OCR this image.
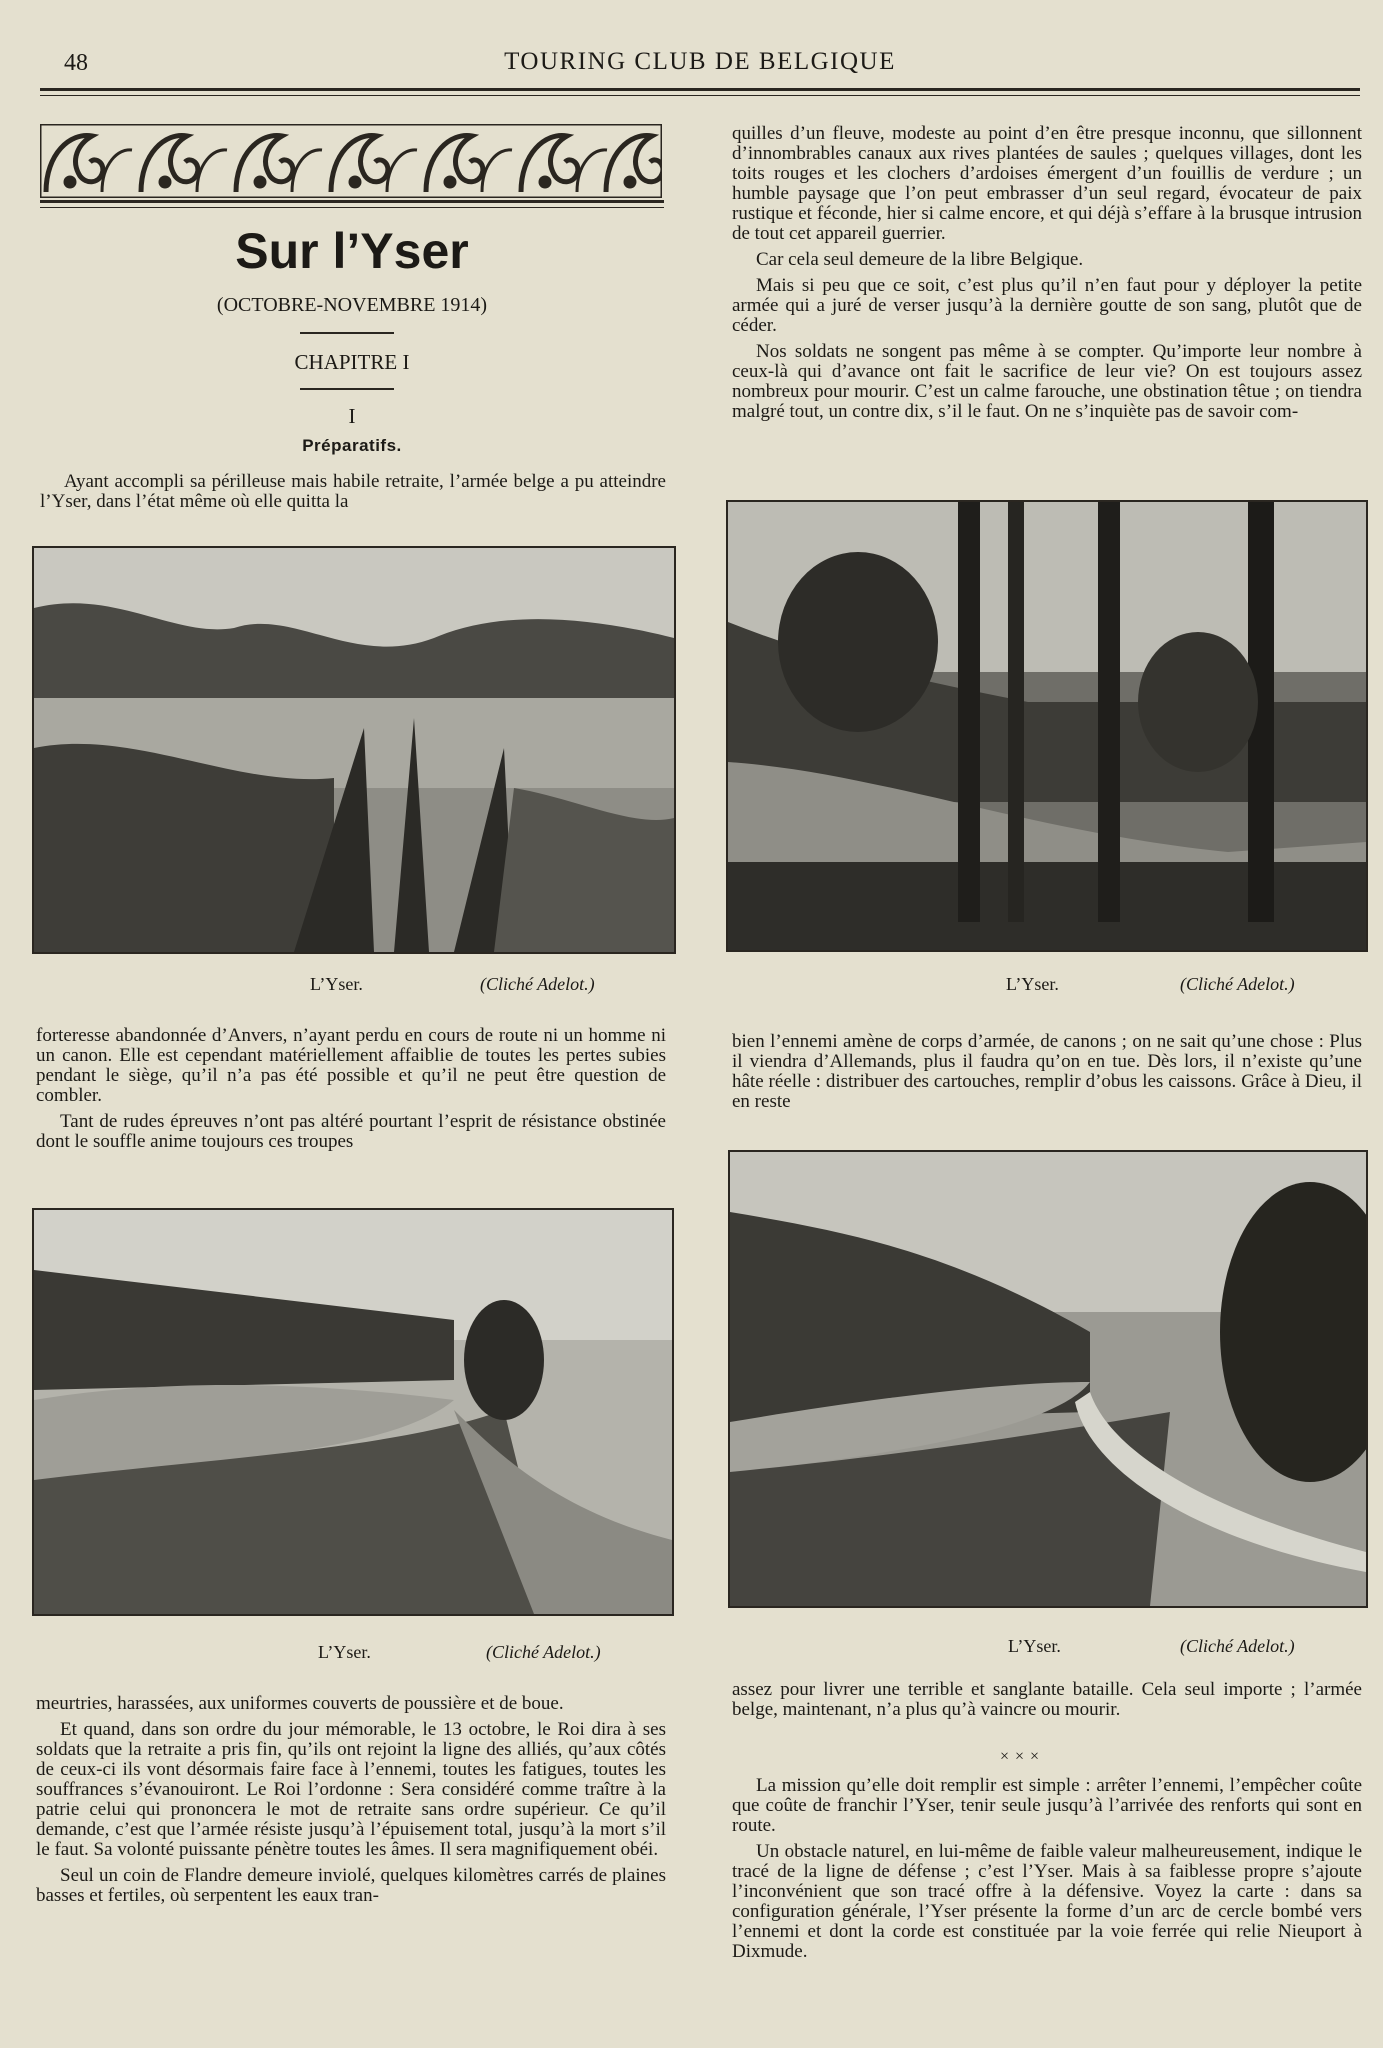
48	TOURING CLUB DE BELGIQUE
Sur l’Yser
(OCTOBRE-NOVEMBRE 1914)
CHAPITRE I
I
Préparatifs.

Ayant accompli sa périlleuse mais habile retraite, l’armée belge a pu atteindre l’Yser, dans l’état même où elle quitta la

L’Yser.	(Cliché Adelot.)

forteresse abandonnée d’Anvers, n’ayant perdu en cours de route ni un homme ni un canon. Elle est cependant matériellement affaiblie de toutes les pertes subies pendant le siège, qu’il n’a pas été possible et qu’il ne peut être question de combler.

Tant de rudes épreuves n’ont pas altéré pourtant l’esprit de résistance obstinée dont le souffle anime toujours ces troupes

L’Yser.	(Cliché Adelot.)

meurtries, harassées, aux uniformes couverts de poussière et de boue.

Et quand, dans son ordre du jour mémorable, le 13 octobre, le Roi dira à ses soldats que la retraite a pris fin, qu’ils ont rejoint la ligne des alliés, qu’aux côtés de ceux-ci ils vont désormais faire face à l’ennemi, toutes les fatigues, toutes les souffrances s’évanouiront. Le Roi l’ordonne : Sera considéré comme traître à la patrie celui qui prononcera le mot de retraite sans ordre supérieur. Ce qu’il demande, c’est que l’armée résiste jusqu’à l’épuisement total, jusqu’à la mort s’il le faut. Sa volonté puissante pénètre toutes les âmes. Il sera magnifiquement obéi.

Seul un coin de Flandre demeure inviolé, quelques kilomètres carrés de plaines basses et fertiles, où serpentent les eaux tran-

quilles d’un fleuve, modeste au point d’en être presque inconnu, que sillonnent d’innombrables canaux aux rives plantées de saules ; quelques villages, dont les toits rouges et les clochers d’ardoises émergent d’un fouillis de verdure ; un humble paysage que l’on peut embrasser d’un seul regard, évocateur de paix rustique et féconde, hier si calme encore, et qui déjà s’effare à la brusque intrusion de tout cet appareil guerrier.

Car cela seul demeure de la libre Belgique.

Mais si peu que ce soit, c’est plus qu’il n’en faut pour y déployer la petite armée qui a juré de verser jusqu’à la dernière goutte de son sang, plutôt que de céder.

Nos soldats ne songent pas même à se compter. Qu’importe leur nombre à ceux-là qui d’avance ont fait le sacrifice de leur vie? On est toujours assez nombreux pour mourir. C’est un calme farouche, une obstination têtue ; on tiendra malgré tout, un contre dix, s’il le faut. On ne s’inquiète pas de savoir com-

L’Yser.	(Cliché Adelot.)

bien l’ennemi amène de corps d’armée, de canons ; on ne sait qu’une chose : Plus il viendra d’Allemands, plus il faudra qu’on en tue. Dès lors, il n’existe qu’une hâte réelle : distribuer des cartouches, remplir d’obus les caissons. Grâce à Dieu, il en reste

L’Yser.	(Cliché Adelot.)

assez pour livrer une terrible et sanglante bataille. Cela seul importe ; l’armée belge, maintenant, n’a plus qu’à vaincre ou mourir.

×××

La mission qu’elle doit remplir est simple : arrêter l’ennemi, l’empêcher coûte que coûte de franchir l’Yser, tenir seule jusqu’à l’arrivée des renforts qui sont en route.

Un obstacle naturel, en lui-même de faible valeur malheureusement, indique le tracé de la ligne de défense ; c’est l’Yser. Mais à sa faiblesse propre s’ajoute l’inconvénient que son tracé offre à la défensive. Voyez la carte : dans sa configuration générale, l’Yser présente la forme d’un arc de cercle bombé vers l’ennemi et dont la corde est constituée par la voie ferrée qui relie Nieuport à Dixmude.
